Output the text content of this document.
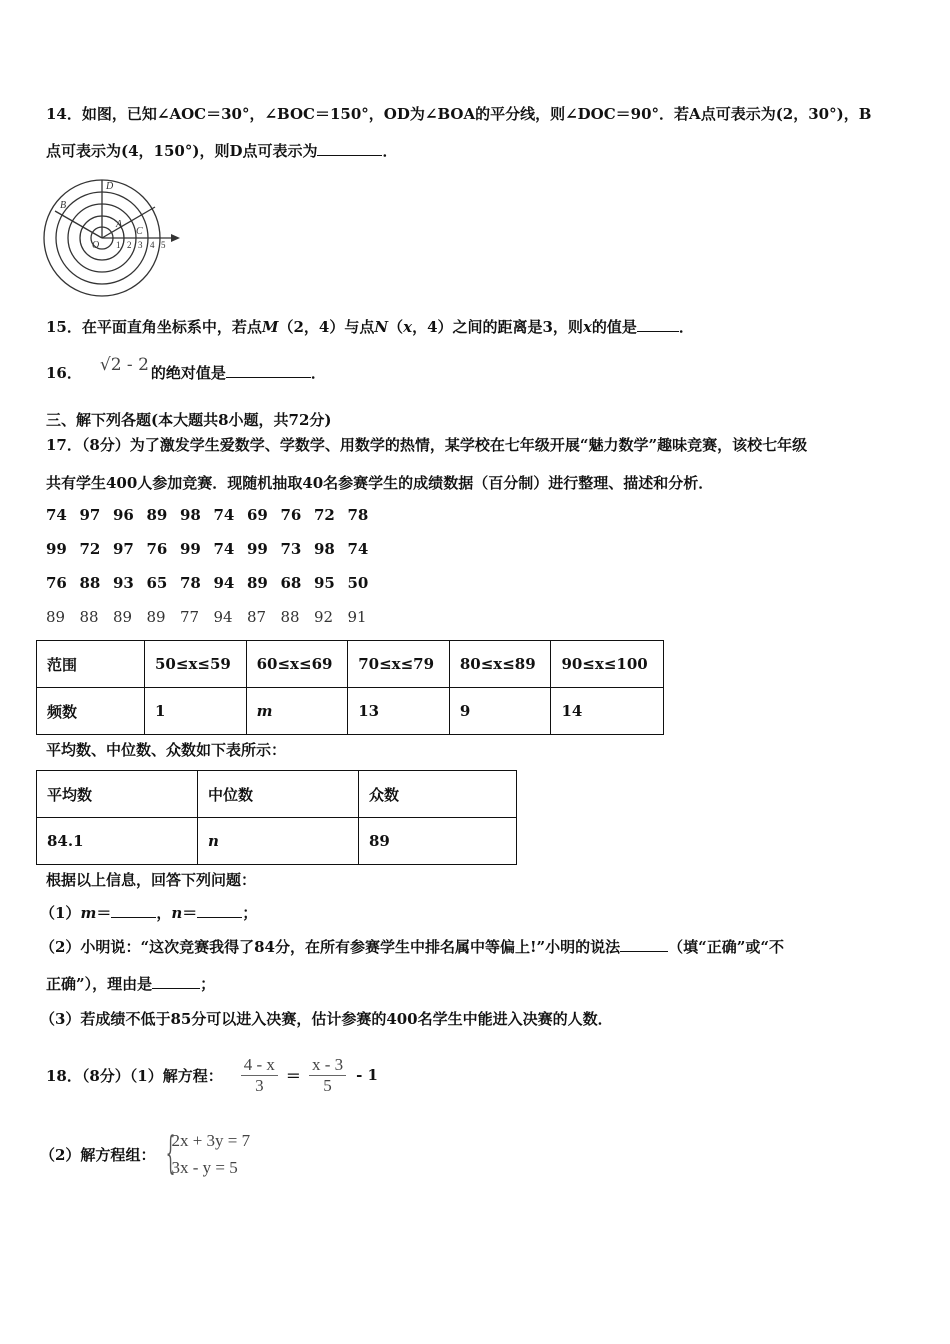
14．如图，已知∠AOC＝30°，∠BOC＝150°，OD为∠BOA的平分线，则∠DOC＝90°．若A点可表示为(2，30°)，B
点可表示为(4，150°)，则D点可表示为	．
D
B
A
C
O 1 2 3 4 5
15．在平面直角坐标系中，若点M（2，4）与点N（x，4）之间的距离是3，则x的值是	．
16． √2 - 2 的绝对值是	．
三、解下列各题(本大题共8小题，共72分)
17．（8分）为了激发学生爱数学、学数学、用数学的热情，某学校在七年级开展“魅力数学”趣味竞赛，该校七年级
共有学生400人参加竞赛．现随机抽取40名参赛学生的成绩数据（百分制）进行整理、描述和分析．
74 97 96 89 98 74 69 76 72 78
99 72 97 76 99 74 99 73 98 74
76 88 93 65 78 94 89 68 95 50
89 88 89 89 77 94 87 88 92 91
范围	50≤x≤59	60≤x≤69	70≤x≤79	80≤x≤89	90≤x≤100
频数	1	m	13	9	14
平均数、中位数、众数如下表所示：
平均数	中位数	众数
84.1	n	89
根据以上信息，回答下列问题：
（1）m＝	，n＝	；
（2）小明说：“这次竞赛我得了84分，在所有参赛学生中排名属中等偏上!”小明的说法	（填“正确”或“不
正确”），理由是	；
（3）若成绩不低于85分可以进入决赛，估计参赛的400名学生中能进入决赛的人数．
18．（8分）（1）解方程： $\frac{4 - x}{3} = \frac{x - 3}{5} - 1$
（2）解方程组： {
2x + 3y = 7
3x - y = 5
